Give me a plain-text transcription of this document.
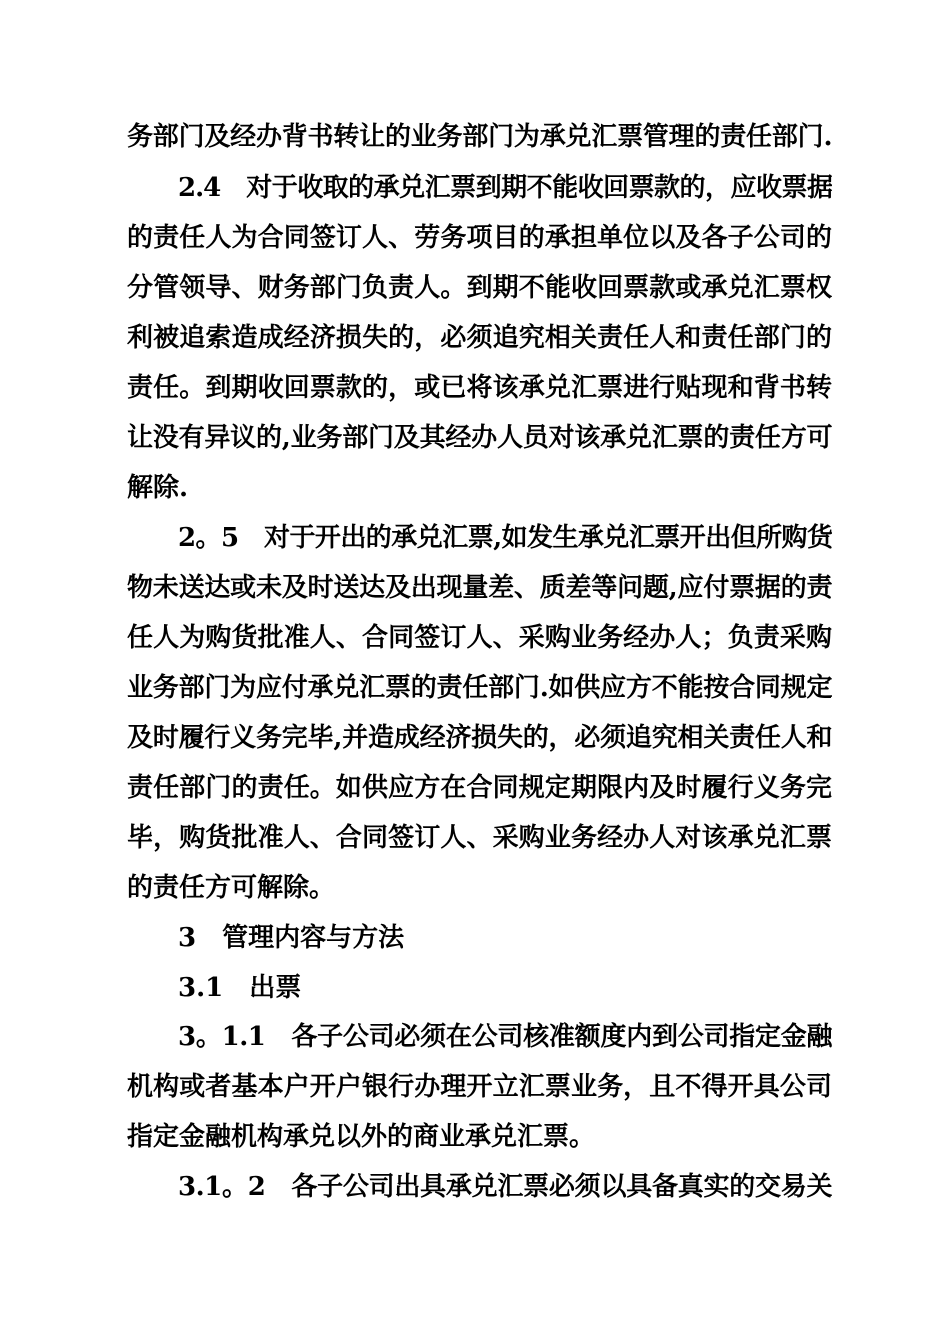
务部门及经办背书转让的业务部门为承兑汇票管理的责任部门.
2.4　对于收取的承兑汇票到期不能收回票款的，应收票据
的责任人为合同签订人、劳务项目的承担单位以及各子公司的
分管领导、财务部门负责人。到期不能收回票款或承兑汇票权
利被追索造成经济损失的，必须追究相关责任人和责任部门的
责任。到期收回票款的，或已将该承兑汇票进行贴现和背书转
让没有异议的,业务部门及其经办人员对该承兑汇票的责任方可
解除.
2。5　对于开出的承兑汇票,如发生承兑汇票开出但所购货
物未送达或未及时送达及出现量差、质差等问题,应付票据的责
任人为购货批准人、合同签订人、采购业务经办人；负责采购
业务部门为应付承兑汇票的责任部门.如供应方不能按合同规定
及时履行义务完毕,并造成经济损失的，必须追究相关责任人和
责任部门的责任。如供应方在合同规定期限内及时履行义务完
毕，购货批准人、合同签订人、采购业务经办人对该承兑汇票
的责任方可解除。
3　管理内容与方法
3.1　出票
3。1.1　各子公司必须在公司核准额度内到公司指定金融
机构或者基本户开户银行办理开立汇票业务，且不得开具公司
指定金融机构承兑以外的商业承兑汇票。
3.1。2　各子公司出具承兑汇票必须以具备真实的交易关
